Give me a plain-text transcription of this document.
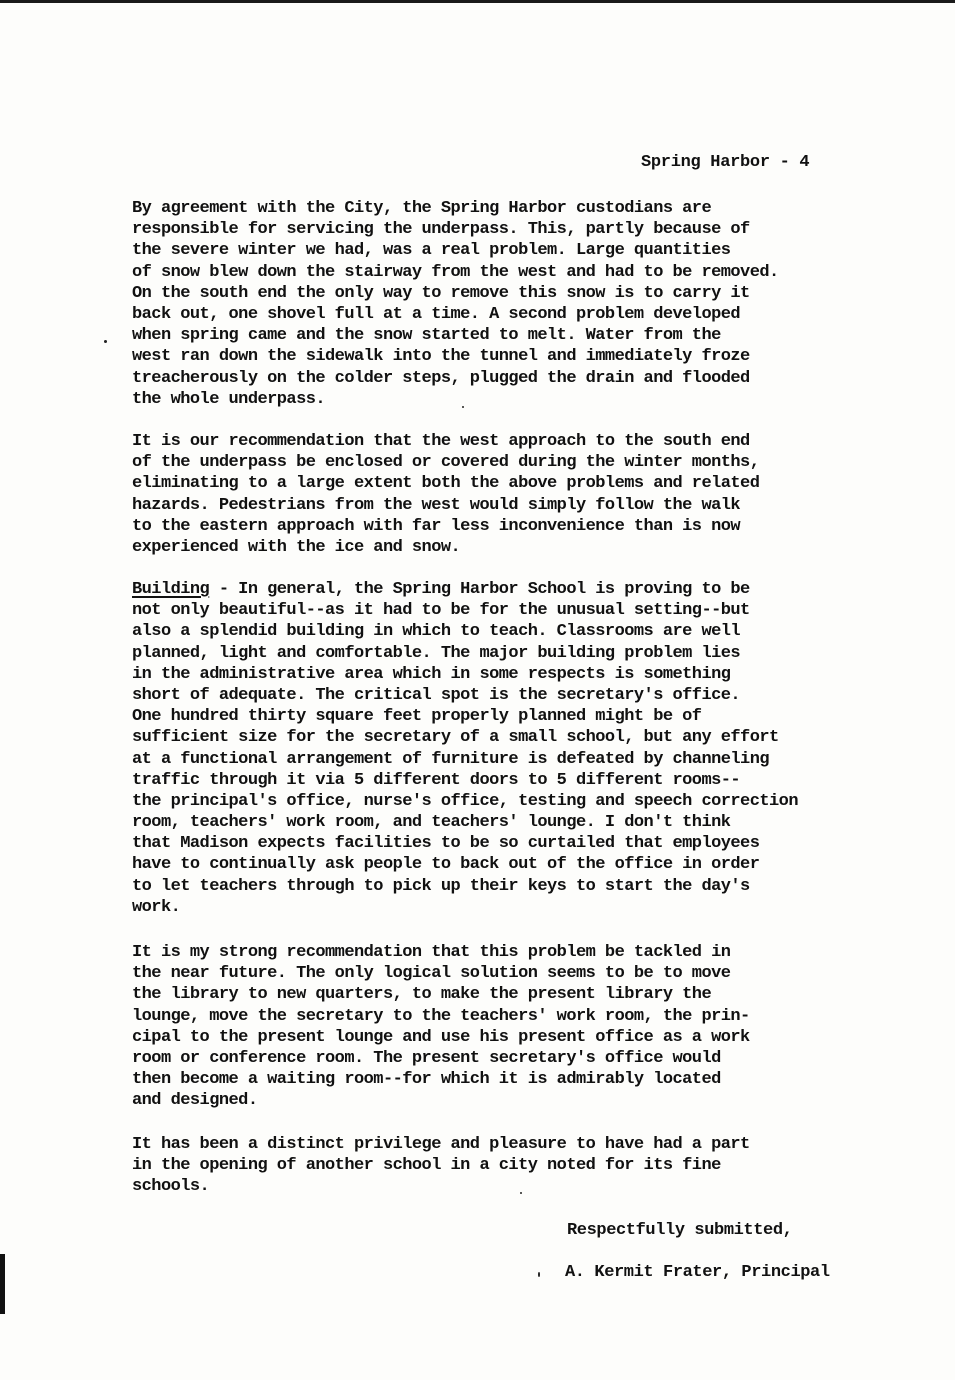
Spring Harbor - 4
By agreement with the City, the Spring Harbor custodians are
responsible for servicing the underpass. This, partly because of
the severe winter we had, was a real problem. Large quantities
of snow blew down the stairway from the west and had to be removed.
On the south end the only way to remove this snow is to carry it
back out, one shovel full at a time. A second problem developed
when spring came and the snow started to melt. Water from the
west ran down the sidewalk into the tunnel and immediately froze
treacherously on the colder steps, plugged the drain and flooded
the whole underpass.
It is our recommendation that the west approach to the south end
of the underpass be enclosed or covered during the winter months,
eliminating to a large extent both the above problems and related
hazards. Pedestrians from the west would simply follow the walk
to the eastern approach with far less inconvenience than is now
experienced with the ice and snow.
Building - In general, the Spring Harbor School is proving to be
not only beautiful--as it had to be for the unusual setting--but
also a splendid building in which to teach. Classrooms are well
planned, light and comfortable. The major building problem lies
in the administrative area which in some respects is something
short of adequate. The critical spot is the secretary's office.
One hundred thirty square feet properly planned might be of
sufficient size for the secretary of a small school, but any effort
at a functional arrangement of furniture is defeated by channeling
traffic through it via 5 different doors to 5 different rooms--
the principal's office, nurse's office, testing and speech correction
room, teachers' work room, and teachers' lounge. I don't think
that Madison expects facilities to be so curtailed that employees
have to continually ask people to back out of the office in order
to let teachers through to pick up their keys to start the day's
work.
It is my strong recommendation that this problem be tackled in
the near future. The only logical solution seems to be to move
the library to new quarters, to make the present library the
lounge, move the secretary to the teachers' work room, the prin-
cipal to the present lounge and use his present office as a work
room or conference room. The present secretary's office would
then become a waiting room--for which it is admirably located
and designed.
It has been a distinct privilege and pleasure to have had a part
in the opening of another school in a city noted for its fine
schools.
Respectfully submitted,
A. Kermit Frater, Principal
